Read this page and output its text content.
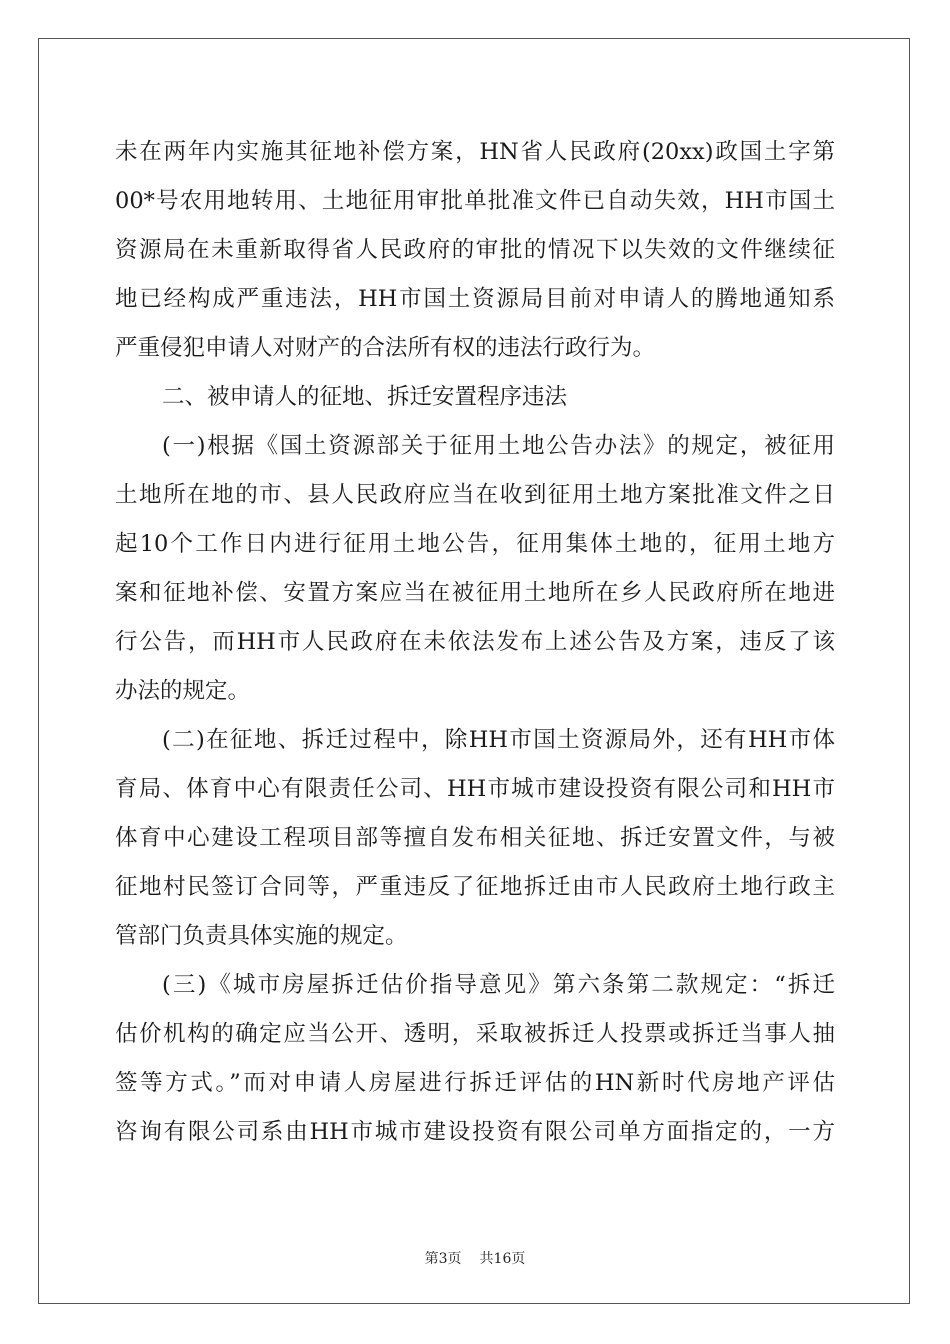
未在两年内实施其征地补偿方案，HN省人民政府(20xx)政国土字第
00*号农用地转用、土地征用审批单批准文件已自动失效，HH市国土
资源局在未重新取得省人民政府的审批的情况下以失效的文件继续征
地已经构成严重违法，HH市国土资源局目前对申请人的腾地通知系
严重侵犯申请人对财产的合法所有权的违法行政行为。
二、被申请人的征地、拆迁安置程序违法
(一)根据《国土资源部关于征用土地公告办法》的规定，被征用
土地所在地的市、县人民政府应当在收到征用土地方案批准文件之日
起10个工作日内进行征用土地公告，征用集体土地的，征用土地方
案和征地补偿、安置方案应当在被征用土地所在乡人民政府所在地进
行公告，而HH市人民政府在未依法发布上述公告及方案，违反了该
办法的规定。
(二)在征地、拆迁过程中，除HH市国土资源局外，还有HH市体
育局、体育中心有限责任公司、HH市城市建设投资有限公司和HH市
体育中心建设工程项目部等擅自发布相关征地、拆迁安置文件，与被
征地村民签订合同等，严重违反了征地拆迁由市人民政府土地行政主
管部门负责具体实施的规定。
(三)《城市房屋拆迁估价指导意见》第六条第二款规定：“拆迁
估价机构的确定应当公开、透明，采取被拆迁人投票或拆迁当事人抽
签等方式。”而对申请人房屋进行拆迁评估的HN新时代房地产评估
咨询有限公司系由HH市城市建设投资有限公司单方面指定的，一方
第3页 共16页
